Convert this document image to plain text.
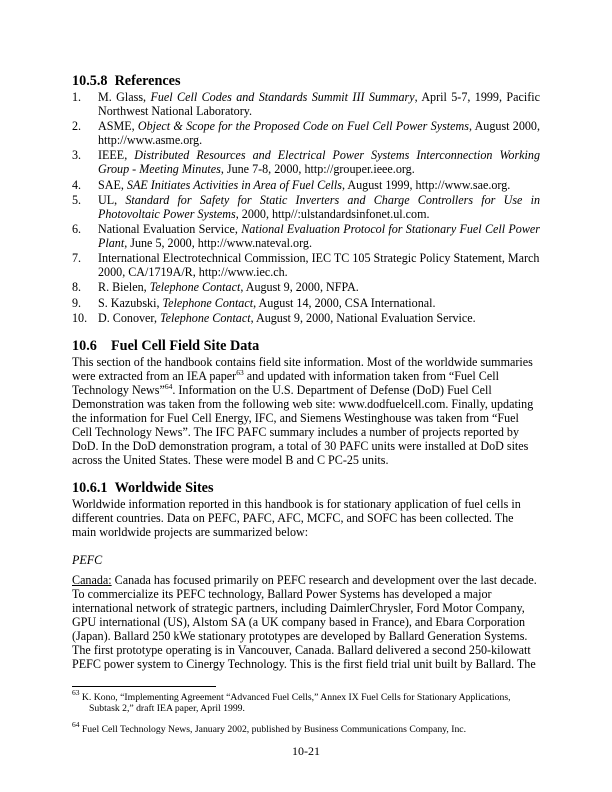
10.5.8 References
1. M. Glass, Fuel Cell Codes and Standards Summit III Summary, April 5-7, 1999, Pacific Northwest National Laboratory.
2. ASME, Object & Scope for the Proposed Code on Fuel Cell Power Systems, August 2000, http://www.asme.org.
3. IEEE, Distributed Resources and Electrical Power Systems Interconnection Working Group - Meeting Minutes, June 7-8, 2000, http://grouper.ieee.org.
4. SAE, SAE Initiates Activities in Area of Fuel Cells, August 1999, http://www.sae.org.
5. UL, Standard for Safety for Static Inverters and Charge Controllers for Use in Photovoltaic Power Systems, 2000, http//:ulstandardsinfonet.ul.com.
6. National Evaluation Service, National Evaluation Protocol for Stationary Fuel Cell Power Plant, June 5, 2000, http://www.nateval.org.
7. International Electrotechnical Commission, IEC TC 105 Strategic Policy Statement, March 2000, CA/1719A/R, http://www.iec.ch.
8. R. Bielen, Telephone Contact, August 9, 2000, NFPA.
9. S. Kazubski, Telephone Contact, August 14, 2000, CSA International.
10. D. Conover, Telephone Contact, August 9, 2000, National Evaluation Service.
10.6 Fuel Cell Field Site Data

This section of the handbook contains field site information. Most of the worldwide summaries were extracted from an IEA paper$^{63}$ and updated with information taken from “Fuel Cell Technology News”$^{64}$. Information on the U.S. Department of Defense (DoD) Fuel Cell Demonstration was taken from the following web site: www.dodfuelcell.com. Finally, updating the information for Fuel Cell Energy, IFC, and Siemens Westinghouse was taken from “Fuel Cell Technology News”. The IFC PAFC summary includes a number of projects reported by DoD. In the DoD demonstration program, a total of 30 PAFC units were installed at DoD sites across the United States. These were model B and C PC-25 units.

10.6.1 Worldwide Sites

Worldwide information reported in this handbook is for stationary application of fuel cells in different countries. Data on PEFC, PAFC, AFC, MCFC, and SOFC has been collected. The main worldwide projects are summarized below:

PEFC

Canada: Canada has focused primarily on PEFC research and development over the last decade. To commercialize its PEFC technology, Ballard Power Systems has developed a major international network of strategic partners, including DaimlerChrysler, Ford Motor Company, GPU international (US), Alstom SA (a UK company based in France), and Ebara Corporation (Japan). Ballard 250 kWe stationary prototypes are developed by Ballard Generation Systems. The first prototype operating is in Vancouver, Canada. Ballard delivered a second 250-kilowatt PEFC power system to Cinergy Technology. This is the first field trial unit built by Ballard. The

$^{63}$ K. Kono, “Implementing Agreement “Advanced Fuel Cells,” Annex IX Fuel Cells for Stationary Applications,
Subtask 2,” draft IEA paper, April 1999.
$^{64}$ Fuel Cell Technology News, January 2002, published by Business Communications Company, Inc.
10-21
